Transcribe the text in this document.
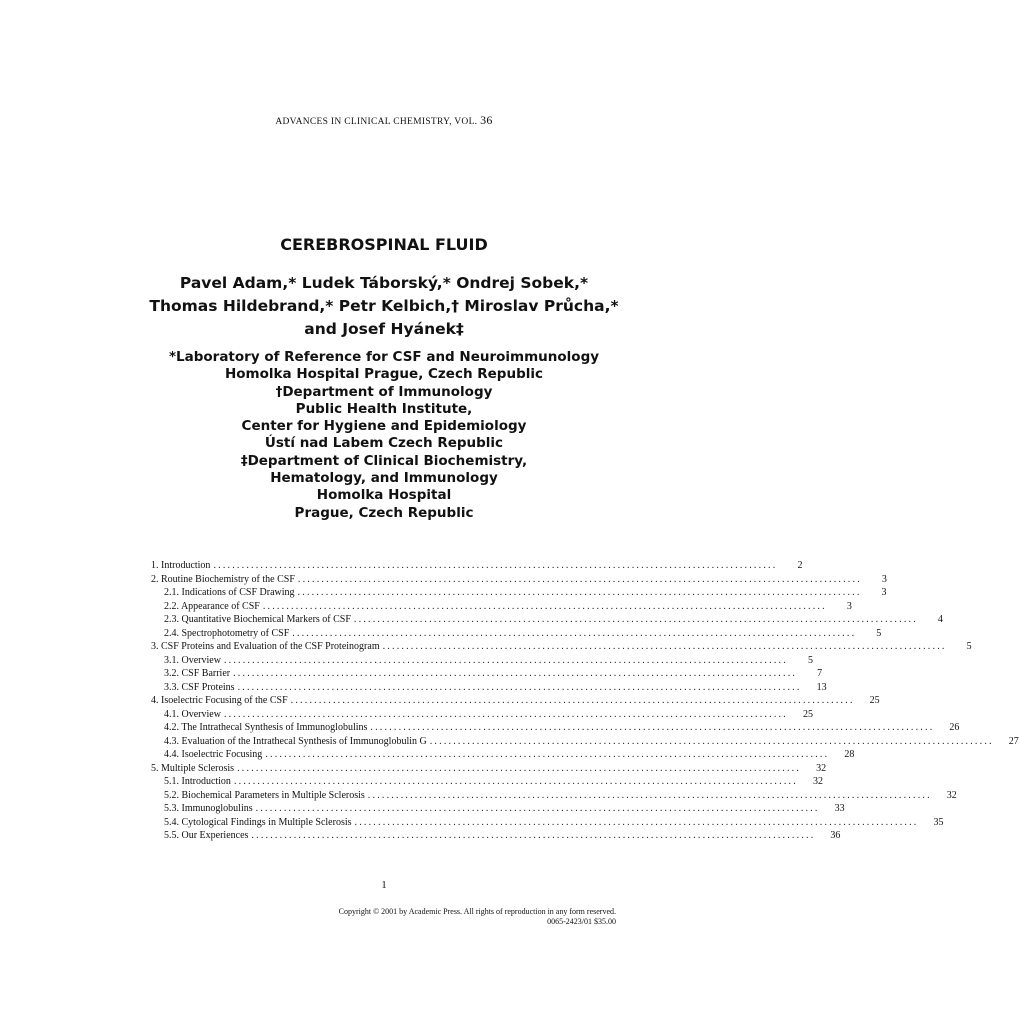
ADVANCES IN CLINICAL CHEMISTRY, VOL. 36
CEREBROSPINAL FLUID
Pavel Adam,* Ludek Táborský,* Ondrej Sobek,*
Thomas Hildebrand,* Petr Kelbich,† Miroslav Průcha,*
and Josef Hyánek‡
*Laboratory of Reference for CSF and Neuroimmunology
Homolka Hospital Prague, Czech Republic
†Department of Immunology
Public Health Institute,
Center for Hygiene and Epidemiology
Ústí nad Labem Czech Republic
‡Department of Clinical Biochemistry,
Hematology, and Immunology
Homolka Hospital
Prague, Czech Republic
1. Introduction ........................................................................................................................	2
2. Routine Biochemistry of the CSF ........................................................................................................................	3
2.1. Indications of CSF Drawing ........................................................................................................................	3
2.2. Appearance of CSF ........................................................................................................................	3
2.3. Quantitative Biochemical Markers of CSF ........................................................................................................................	4
2.4. Spectrophotometry of CSF ........................................................................................................................	5
3. CSF Proteins and Evaluation of the CSF Proteinogram ........................................................................................................................	5
3.1. Overview ........................................................................................................................	5
3.2. CSF Barrier ........................................................................................................................	7
3.3. CSF Proteins ........................................................................................................................	13
4. Isoelectric Focusing of the CSF ........................................................................................................................	25
4.1. Overview ........................................................................................................................	25
4.2. The Intrathecal Synthesis of Immunoglobulins ........................................................................................................................	26
4.3. Evaluation of the Intrathecal Synthesis of Immunoglobulin G ........................................................................................................................	27
4.4. Isoelectric Focusing ........................................................................................................................	28
5. Multiple Sclerosis ........................................................................................................................	32
5.1. Introduction ........................................................................................................................	32
5.2. Biochemical Parameters in Multiple Sclerosis ........................................................................................................................	32
5.3. Immunoglobulins ........................................................................................................................	33
5.4. Cytological Findings in Multiple Sclerosis ........................................................................................................................	35
5.5. Our Experiences ........................................................................................................................	36
1
Copyright © 2001 by Academic Press. All rights of reproduction in any form reserved.
0065-2423/01 $35.00
